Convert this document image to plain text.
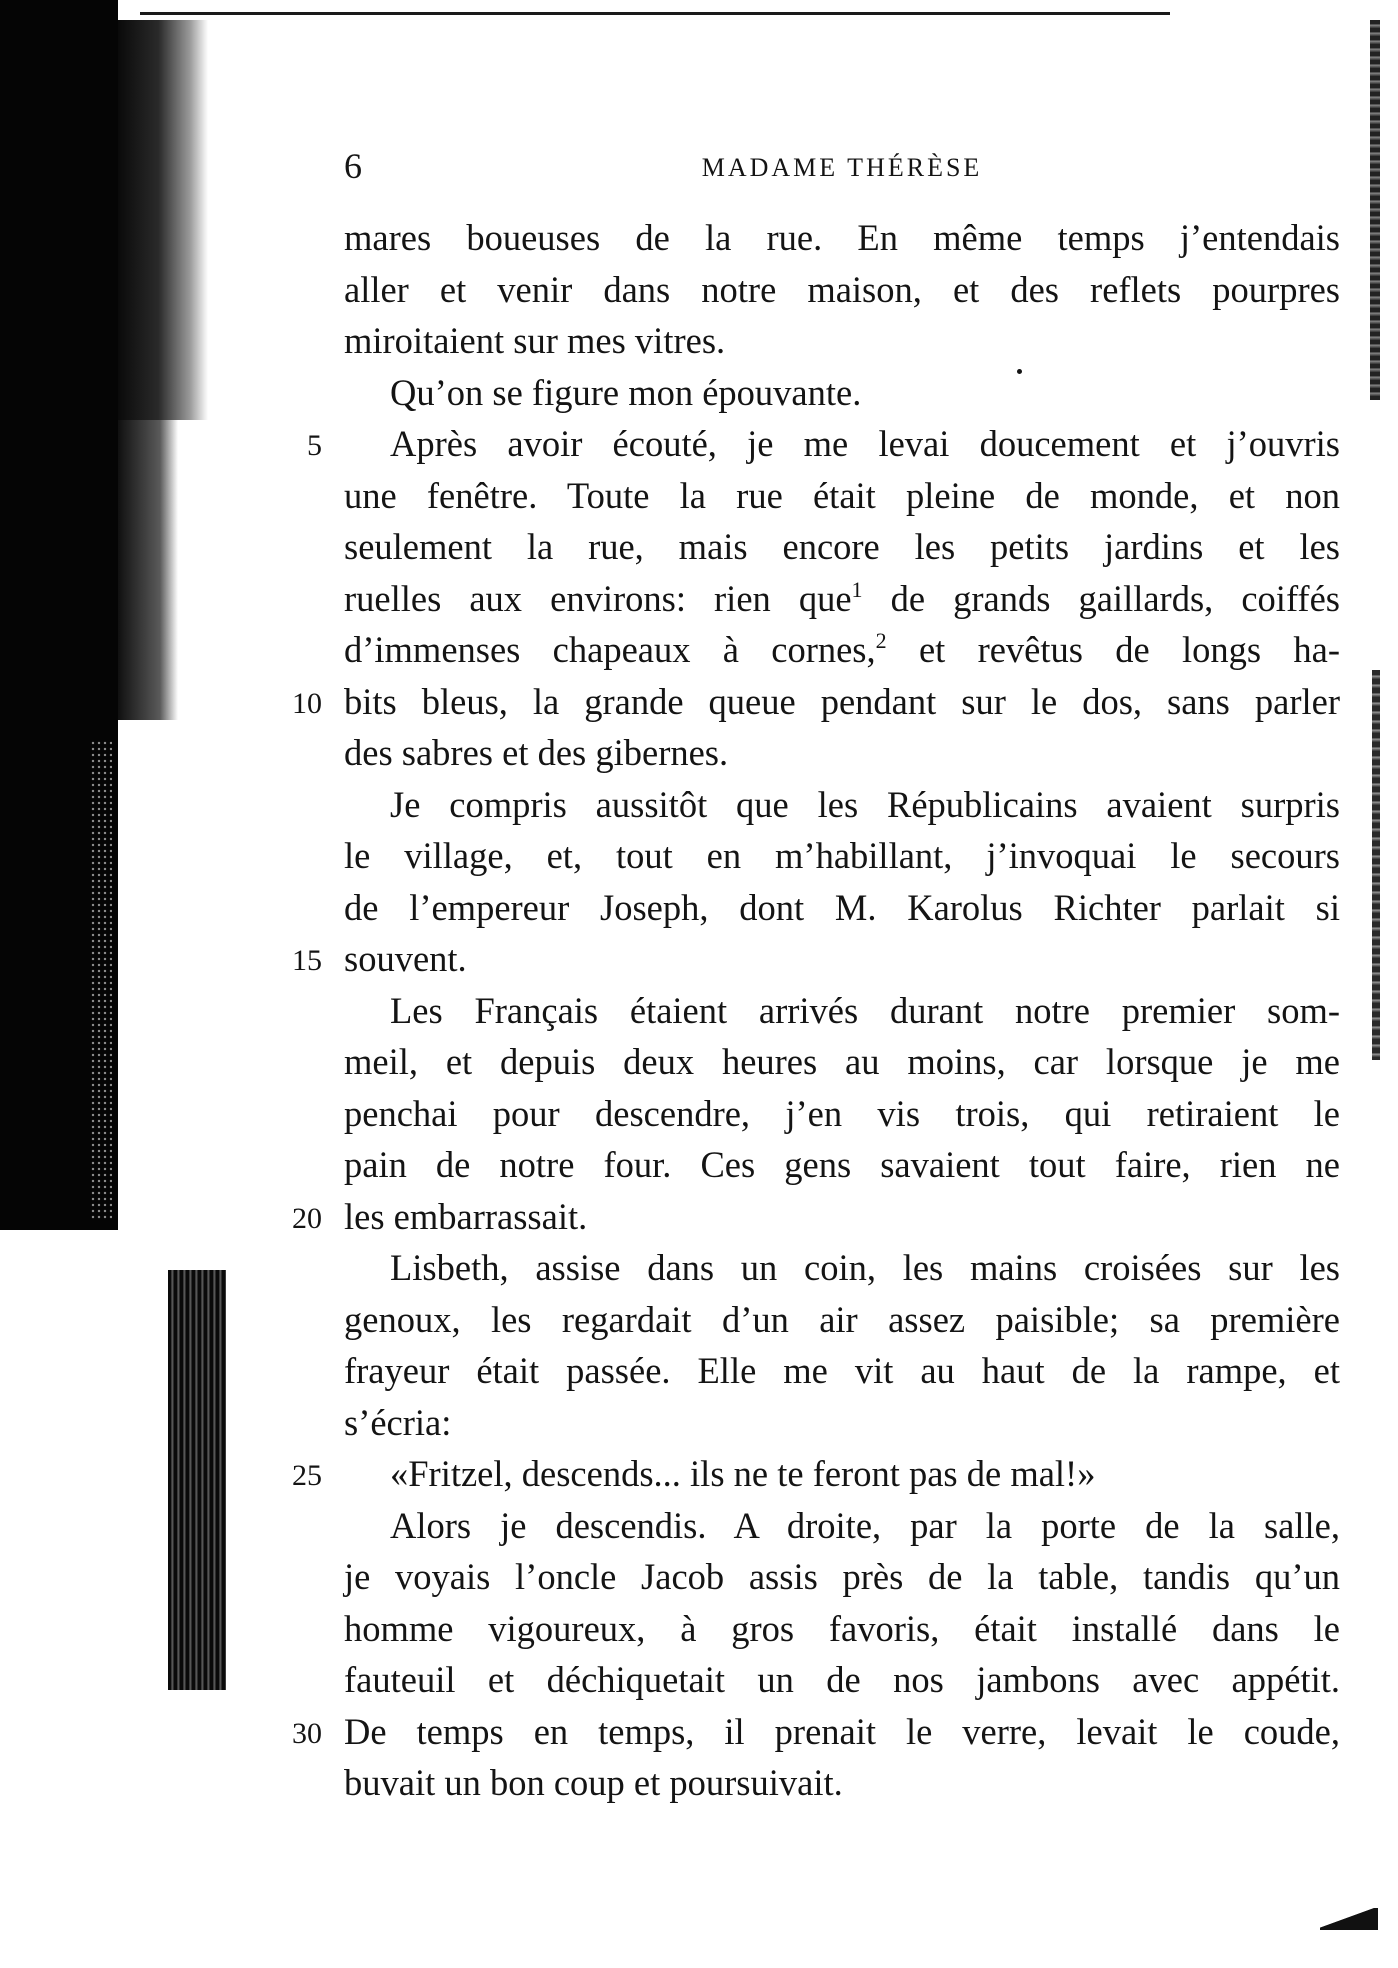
6	MADAME THÉRÈSE
mares boueuses de la rue. En même temps j’entendais
aller et venir dans notre maison, et des reflets pourpres
miroitaient sur mes vitres.
Qu’on se figure mon épouvante.
5	Après avoir écouté, je me levai doucement et j’ouvris
une fenêtre. Toute la rue était pleine de monde, et non
seulement la rue, mais encore les petits jardins et les
ruelles aux environs: rien que$^1$ de grands gaillards, coiffés
d’immenses chapeaux à cornes,$^2$ et revêtus de longs ha-
10 bits bleus, la grande queue pendant sur le dos, sans parler
des sabres et des gibernes.
Je compris aussitôt que les Républicains avaient surpris
le village, et, tout en m’habillant, j’invoquai le secours
de l’empereur Joseph, dont M. Karolus Richter parlait si
15 souvent.
Les Français étaient arrivés durant notre premier som-
meil, et depuis deux heures au moins, car lorsque je me
penchai pour descendre, j’en vis trois, qui retiraient le
pain de notre four. Ces gens savaient tout faire, rien ne
20 les embarrassait.
Lisbeth, assise dans un coin, les mains croisées sur les
genoux, les regardait d’un air assez paisible; sa première
frayeur était passée. Elle me vit au haut de la rampe, et
s’écria:
25	«Fritzel, descends... ils ne te feront pas de mal!»
Alors je descendis. A droite, par la porte de la salle,
je voyais l’oncle Jacob assis près de la table, tandis qu’un
homme vigoureux, à gros favoris, était installé dans le
fauteuil et déchiquetait un de nos jambons avec appétit.
30 De temps en temps, il prenait le verre, levait le coude,
buvait un bon coup et poursuivait.
